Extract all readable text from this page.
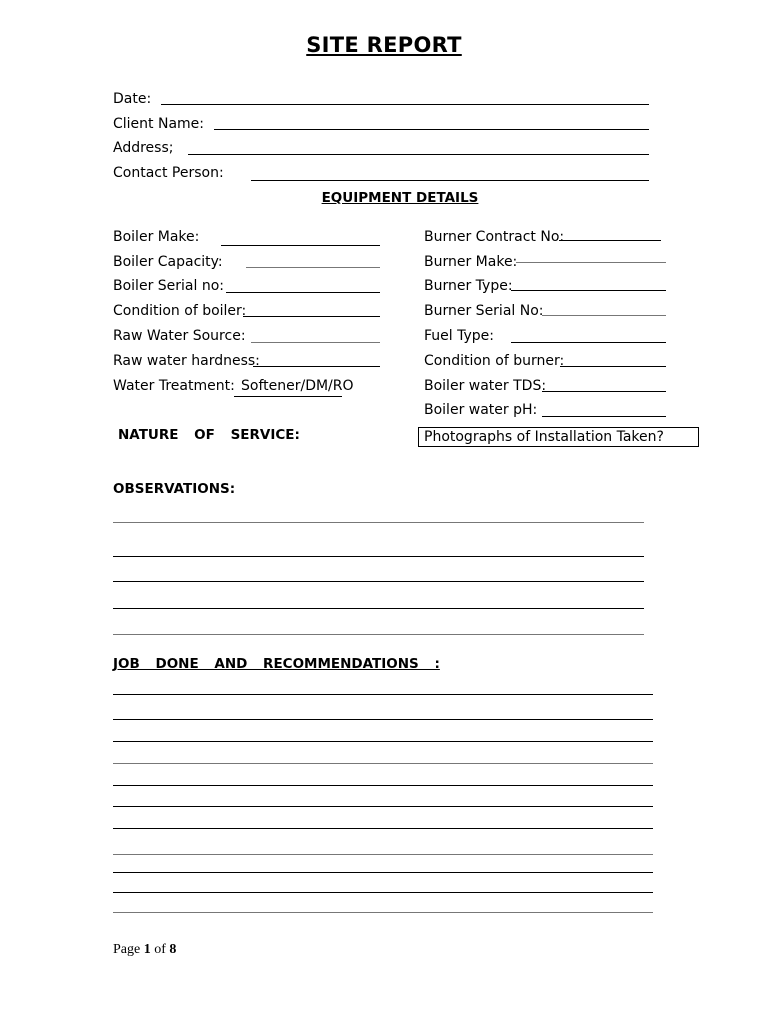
SITE REPORT
Date:
Client Name:
Address;
Contact Person:
EQUIPMENT DETAILS
Boiler Make:
Boiler Capacity:
Boiler Serial no:
Condition of boiler:
Raw Water Source:
Raw water hardness:
Water Treatment: Softener/DM/RO
Burner Contract No:
Burner Make:
Burner Type:
Burner Serial No:
Fuel Type:
Condition of burner:
Boiler water TDS:
Boiler water pH:
NATURE OF SERVICE:	Photographs of Installation Taken?
OBSERVATIONS:
JOB DONE AND RECOMMENDATIONS :
Page 1 of 8
